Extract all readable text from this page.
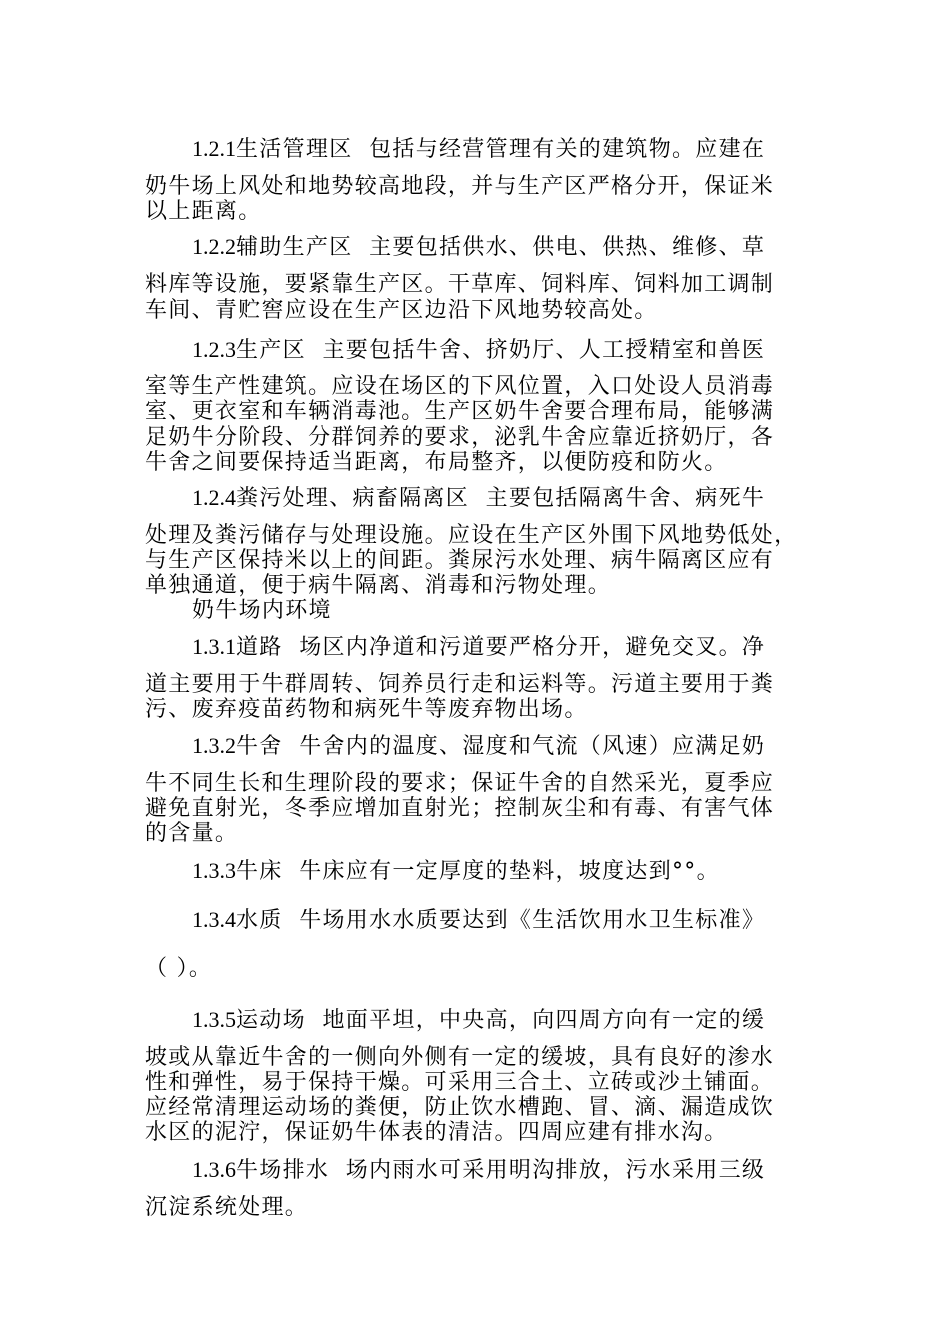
1.2.1生活管理区 包括与经营管理有关的建筑物。应建在
奶牛场上风处和地势较高地段，并与生产区严格分开，保证米
以上距离。
1.2.2辅助生产区 主要包括供水、供电、供热、维修、草
料库等设施，要紧靠生产区。干草库、饲料库、饲料加工调制
车间、青贮窖应设在生产区边沿下风地势较高处。
1.2.3生产区 主要包括牛舍、挤奶厅、人工授精室和兽医
室等生产性建筑。应设在场区的下风位置，入口处设人员消毒
室、更衣室和车辆消毒池。生产区奶牛舍要合理布局，能够满
足奶牛分阶段、分群饲养的要求，泌乳牛舍应靠近挤奶厅，各
牛舍之间要保持适当距离，布局整齐，以便防疫和防火。
1.2.4粪污处理、病畜隔离区 主要包括隔离牛舍、病死牛
处理及粪污储存与处理设施。应设在生产区外围下风地势低处，
与生产区保持米以上的间距。粪尿污水处理、病牛隔离区应有
单独通道，便于病牛隔离、消毒和污物处理。
奶牛场内环境
1.3.1道路 场区内净道和污道要严格分开，避免交叉。净
道主要用于牛群周转、饲养员行走和运料等。污道主要用于粪
污、废弃疫苗药物和病死牛等废弃物出场。
1.3.2牛舍 牛舍内的温度、湿度和气流（风速）应满足奶
牛不同生长和生理阶段的要求；保证牛舍的自然采光，夏季应
避免直射光，冬季应增加直射光；控制灰尘和有毒、有害气体
的含量。
1.3.3牛床 牛床应有一定厚度的垫料，坡度达到°°。
1.3.4水质 牛场用水水质要达到《生活饮用水卫生标准》
（ ）。
1.3.5运动场 地面平坦，中央高，向四周方向有一定的缓
坡或从靠近牛舍的一侧向外侧有一定的缓坡，具有良好的渗水
性和弹性，易于保持干燥。可采用三合土、立砖或沙土铺面。
应经常清理运动场的粪便，防止饮水槽跑、冒、滴、漏造成饮
水区的泥泞，保证奶牛体表的清洁。四周应建有排水沟。
1.3.6牛场排水 场内雨水可采用明沟排放，污水采用三级
沉淀系统处理。
